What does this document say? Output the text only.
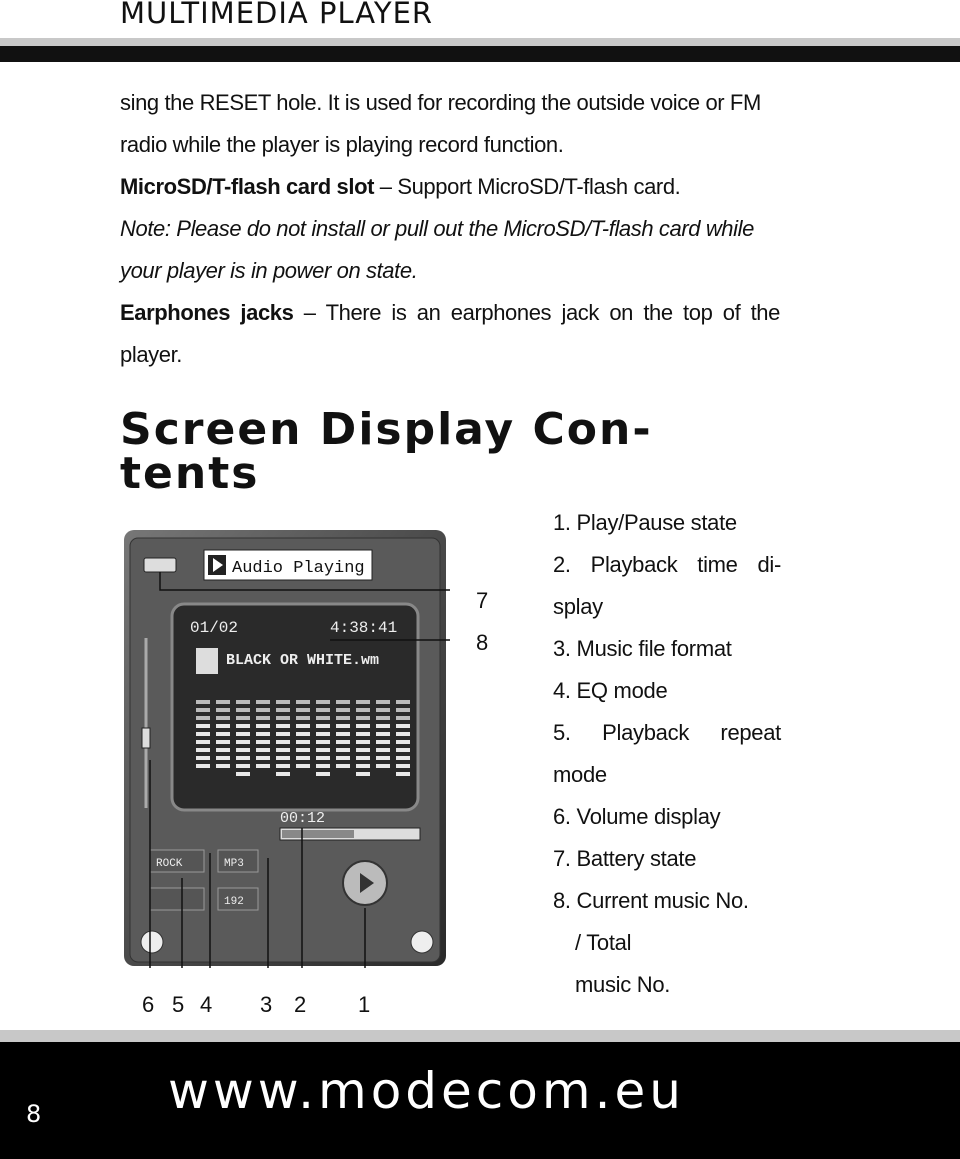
MULTIMEDIA PLAYER

sing the RESET hole. It is used for recording the outside voice or FM

radio while the player is playing record function.

MicroSD/T-flash card slot – Support MicroSD/T-flash card.

Note: Please do not install or pull out the MicroSD/T-flash card while

your player is in power on state.

Earphones jacks – There is an earphones jack on the top of the

player.

Screen Display Con-
tents
Audio Playing
01/02	4:38:41
BLACK OR WHITE.wm
00:12
ROCK	MP3
192
6 5 4 3 2 1
7
8
1. Play/Pause state
2. Playback time di-
splay
3. Music file format
4. EQ mode
5. Playback repeat
mode
6. Volume display
7. Battery state
8. Current music No.
/ Total
music No.
www.modecom.eu
8
